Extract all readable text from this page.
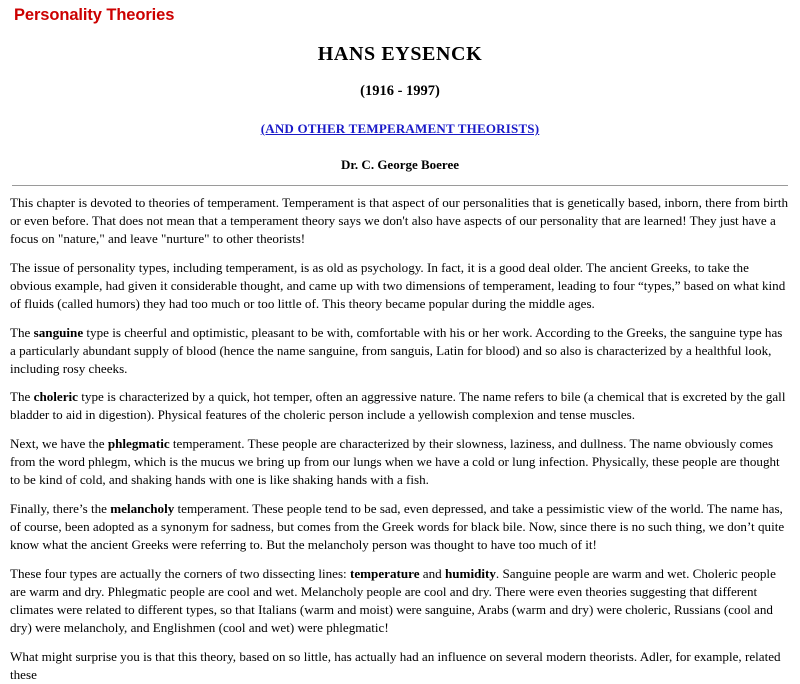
Personality Theories
HANS EYSENCK
(1916 - 1997)
(AND OTHER TEMPERAMENT THEORISTS)
Dr. C. George Boeree

This chapter is devoted to theories of temperament. Temperament is that aspect of our personalities that is genetically based, inborn, there from birth or even before. That does not mean that a temperament theory says we don't also have aspects of our personality that are learned! They just have a focus on "nature," and leave "nurture" to other theorists!

The issue of personality types, including temperament, is as old as psychology. In fact, it is a good deal older. The ancient Greeks, to take the obvious example, had given it considerable thought, and came up with two dimensions of temperament, leading to four “types,” based on what kind of fluids (called humors) they had too much or too little of. This theory became popular during the middle ages.

The sanguine type is cheerful and optimistic, pleasant to be with, comfortable with his or her work. According to the Greeks, the sanguine type has a particularly abundant supply of blood (hence the name sanguine, from sanguis, Latin for blood) and so also is characterized by a healthful look, including rosy cheeks.

The choleric type is characterized by a quick, hot temper, often an aggressive nature. The name refers to bile (a chemical that is excreted by the gall bladder to aid in digestion). Physical features of the choleric person include a yellowish complexion and tense muscles.

Next, we have the phlegmatic temperament. These people are characterized by their slowness, laziness, and dullness. The name obviously comes from the word phlegm, which is the mucus we bring up from our lungs when we have a cold or lung infection. Physically, these people are thought to be kind of cold, and shaking hands with one is like shaking hands with a fish.

Finally, there’s the melancholy temperament. These people tend to be sad, even depressed, and take a pessimistic view of the world. The name has, of course, been adopted as a synonym for sadness, but comes from the Greek words for black bile. Now, since there is no such thing, we don’t quite know what the ancient Greeks were referring to. But the melancholy person was thought to have too much of it!

These four types are actually the corners of two dissecting lines: temperature and humidity. Sanguine people are warm and wet. Choleric people are warm and dry. Phlegmatic people are cool and wet. Melancholy people are cool and dry. There were even theories suggesting that different climates were related to different types, so that Italians (warm and moist) were sanguine, Arabs (warm and dry) were choleric, Russians (cool and dry) were melancholy, and Englishmen (cool and wet) were phlegmatic!

What might surprise you is that this theory, based on so little, has actually had an influence on several modern theorists. Adler, for example, related these
